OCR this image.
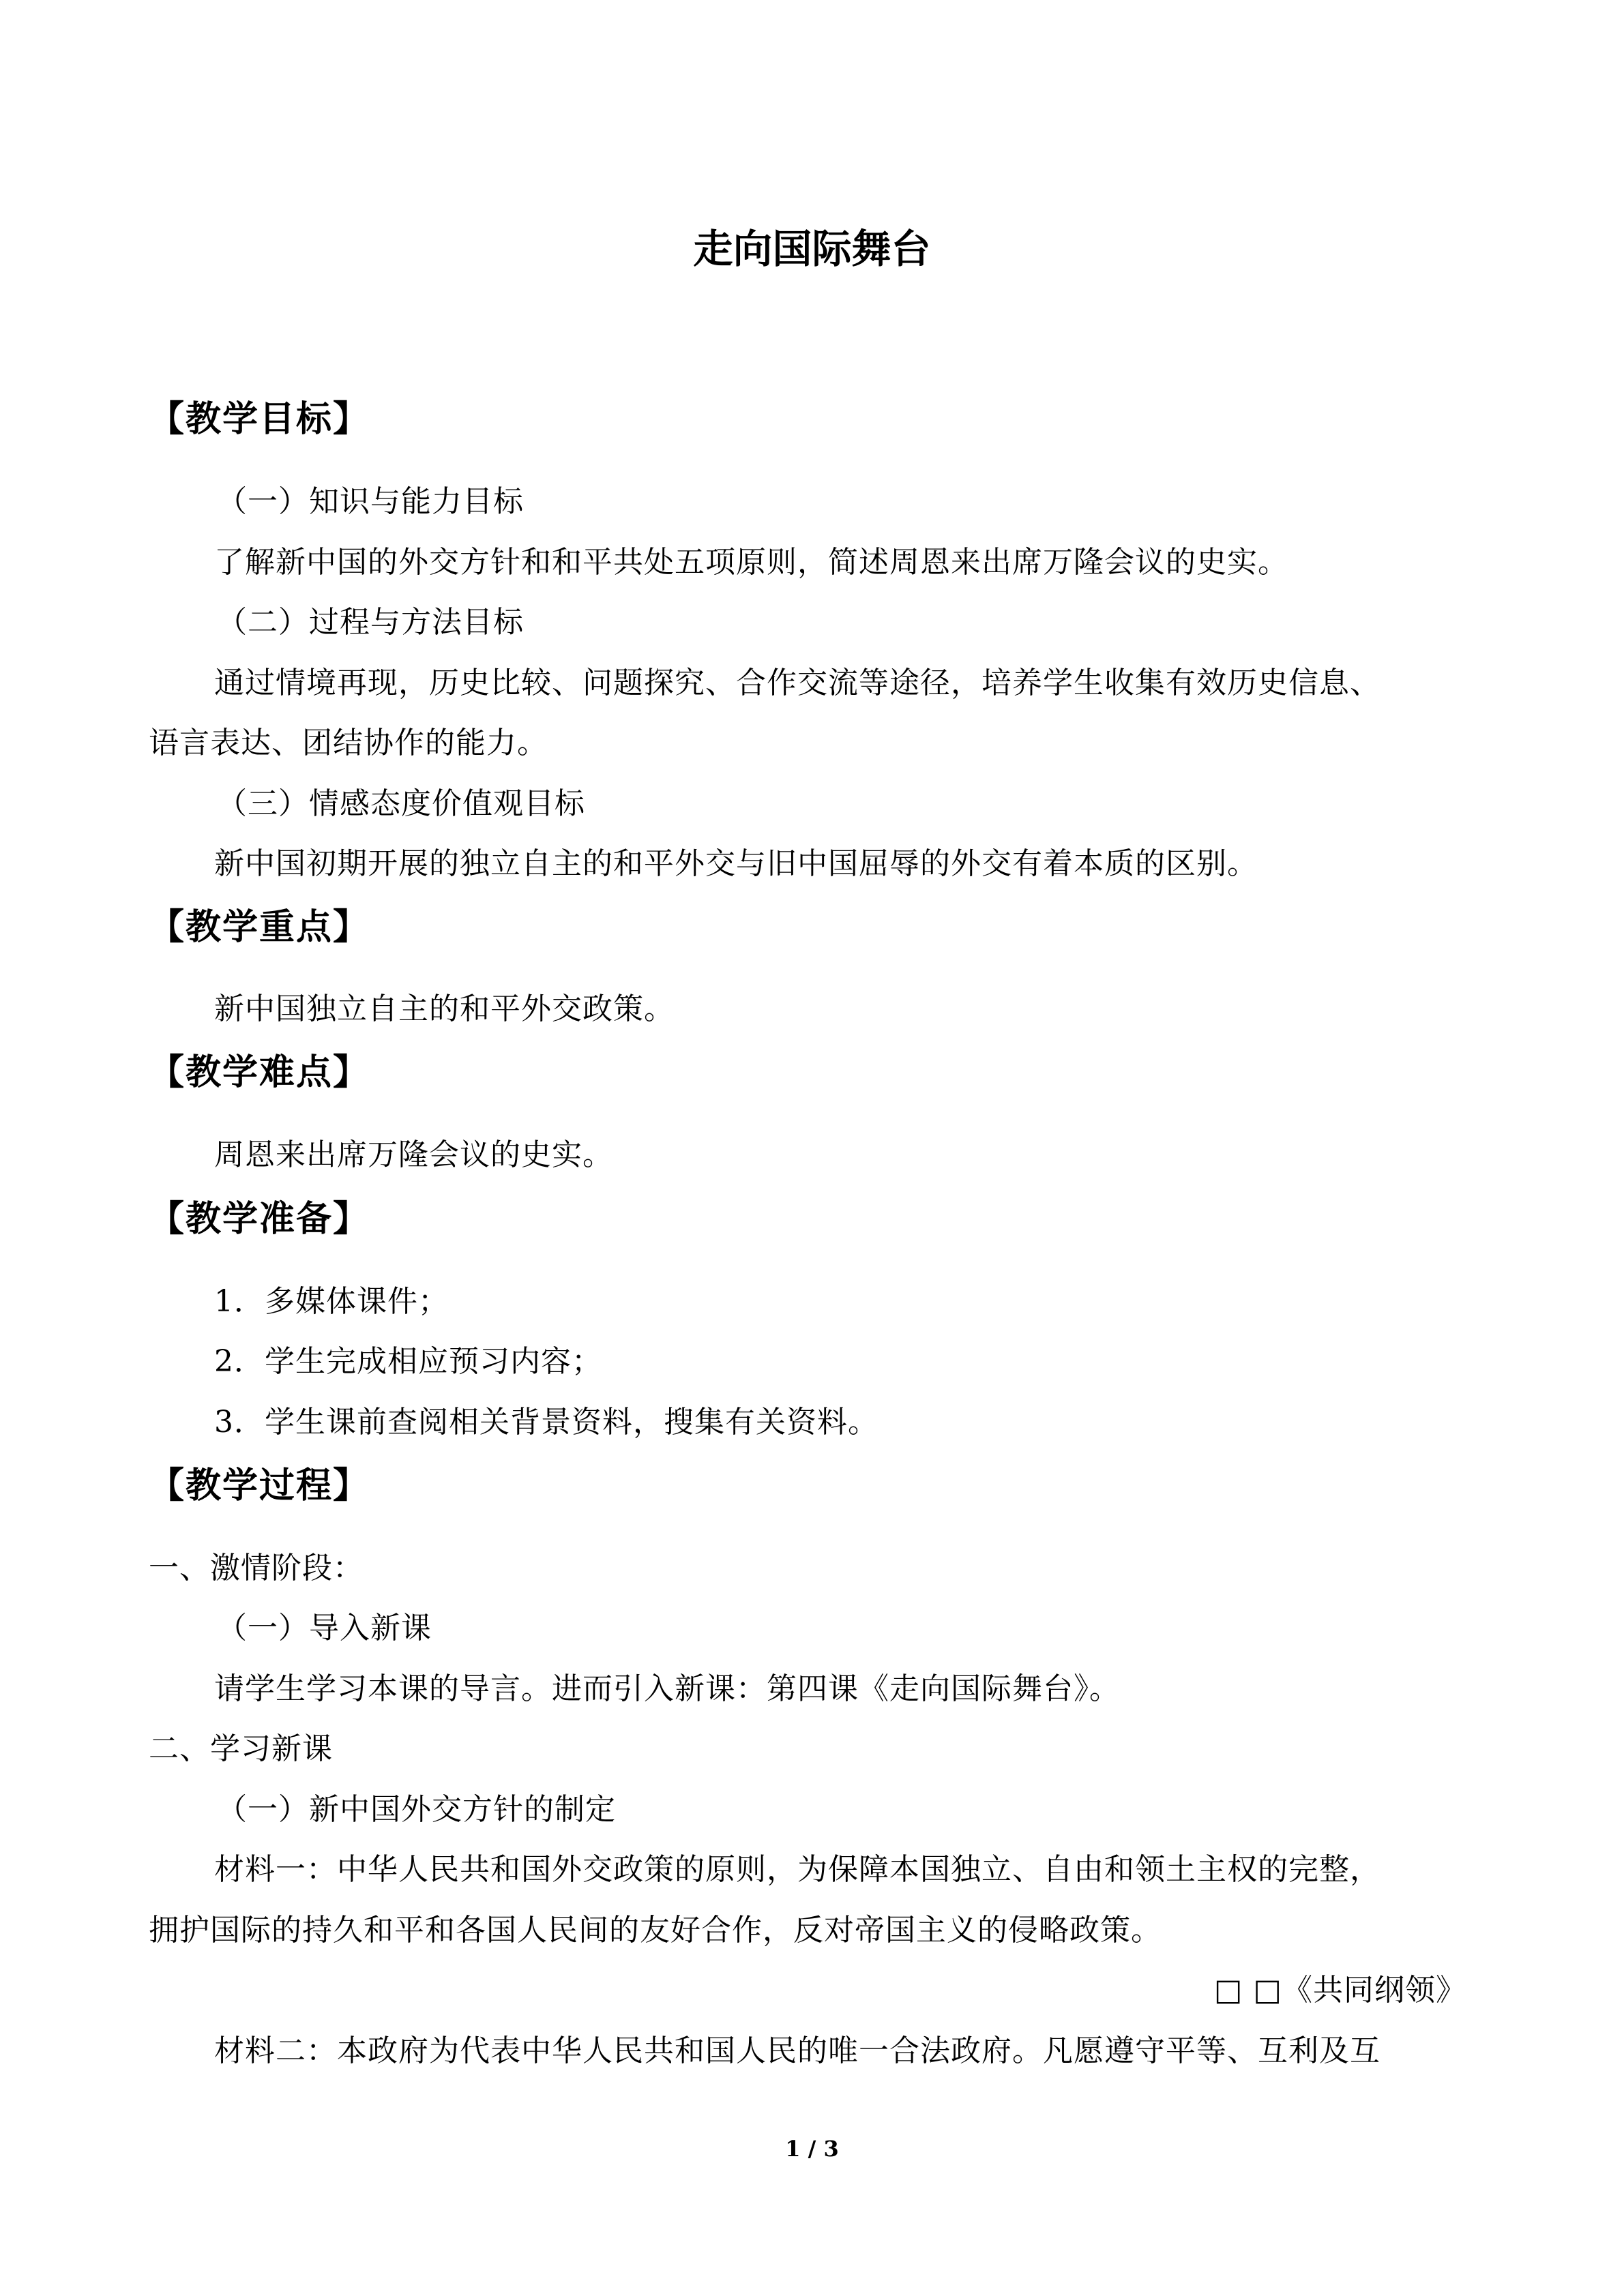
走向国际舞台
【教学目标】
（一）知识与能力目标
了解新中国的外交方针和和平共处五项原则，简述周恩来出席万隆会议的史实。
（二）过程与方法目标
通过情境再现，历史比较、问题探究、合作交流等途径，培养学生收集有效历史信息、
语言表达、团结协作的能力。
（三）情感态度价值观目标
新中国初期开展的独立自主的和平外交与旧中国屈辱的外交有着本质的区别。
【教学重点】
新中国独立自主的和平外交政策。
【教学难点】
周恩来出席万隆会议的史实。
【教学准备】
1．多媒体课件；
2．学生完成相应预习内容；
3．学生课前查阅相关背景资料，搜集有关资料。
【教学过程】
一、激情阶段：
（一）导入新课
请学生学习本课的导言。进而引入新课：第四课《走向国际舞台》。
二、学习新课
（一）新中国外交方针的制定
材料一：中华人民共和国外交政策的原则，为保障本国独立、自由和领土主权的完整，
拥护国际的持久和平和各国人民间的友好合作，反对帝国主义的侵略政策。
□ □《共同纲领》
材料二：本政府为代表中华人民共和国人民的唯一合法政府。凡愿遵守平等、互利及互
1 / 3
